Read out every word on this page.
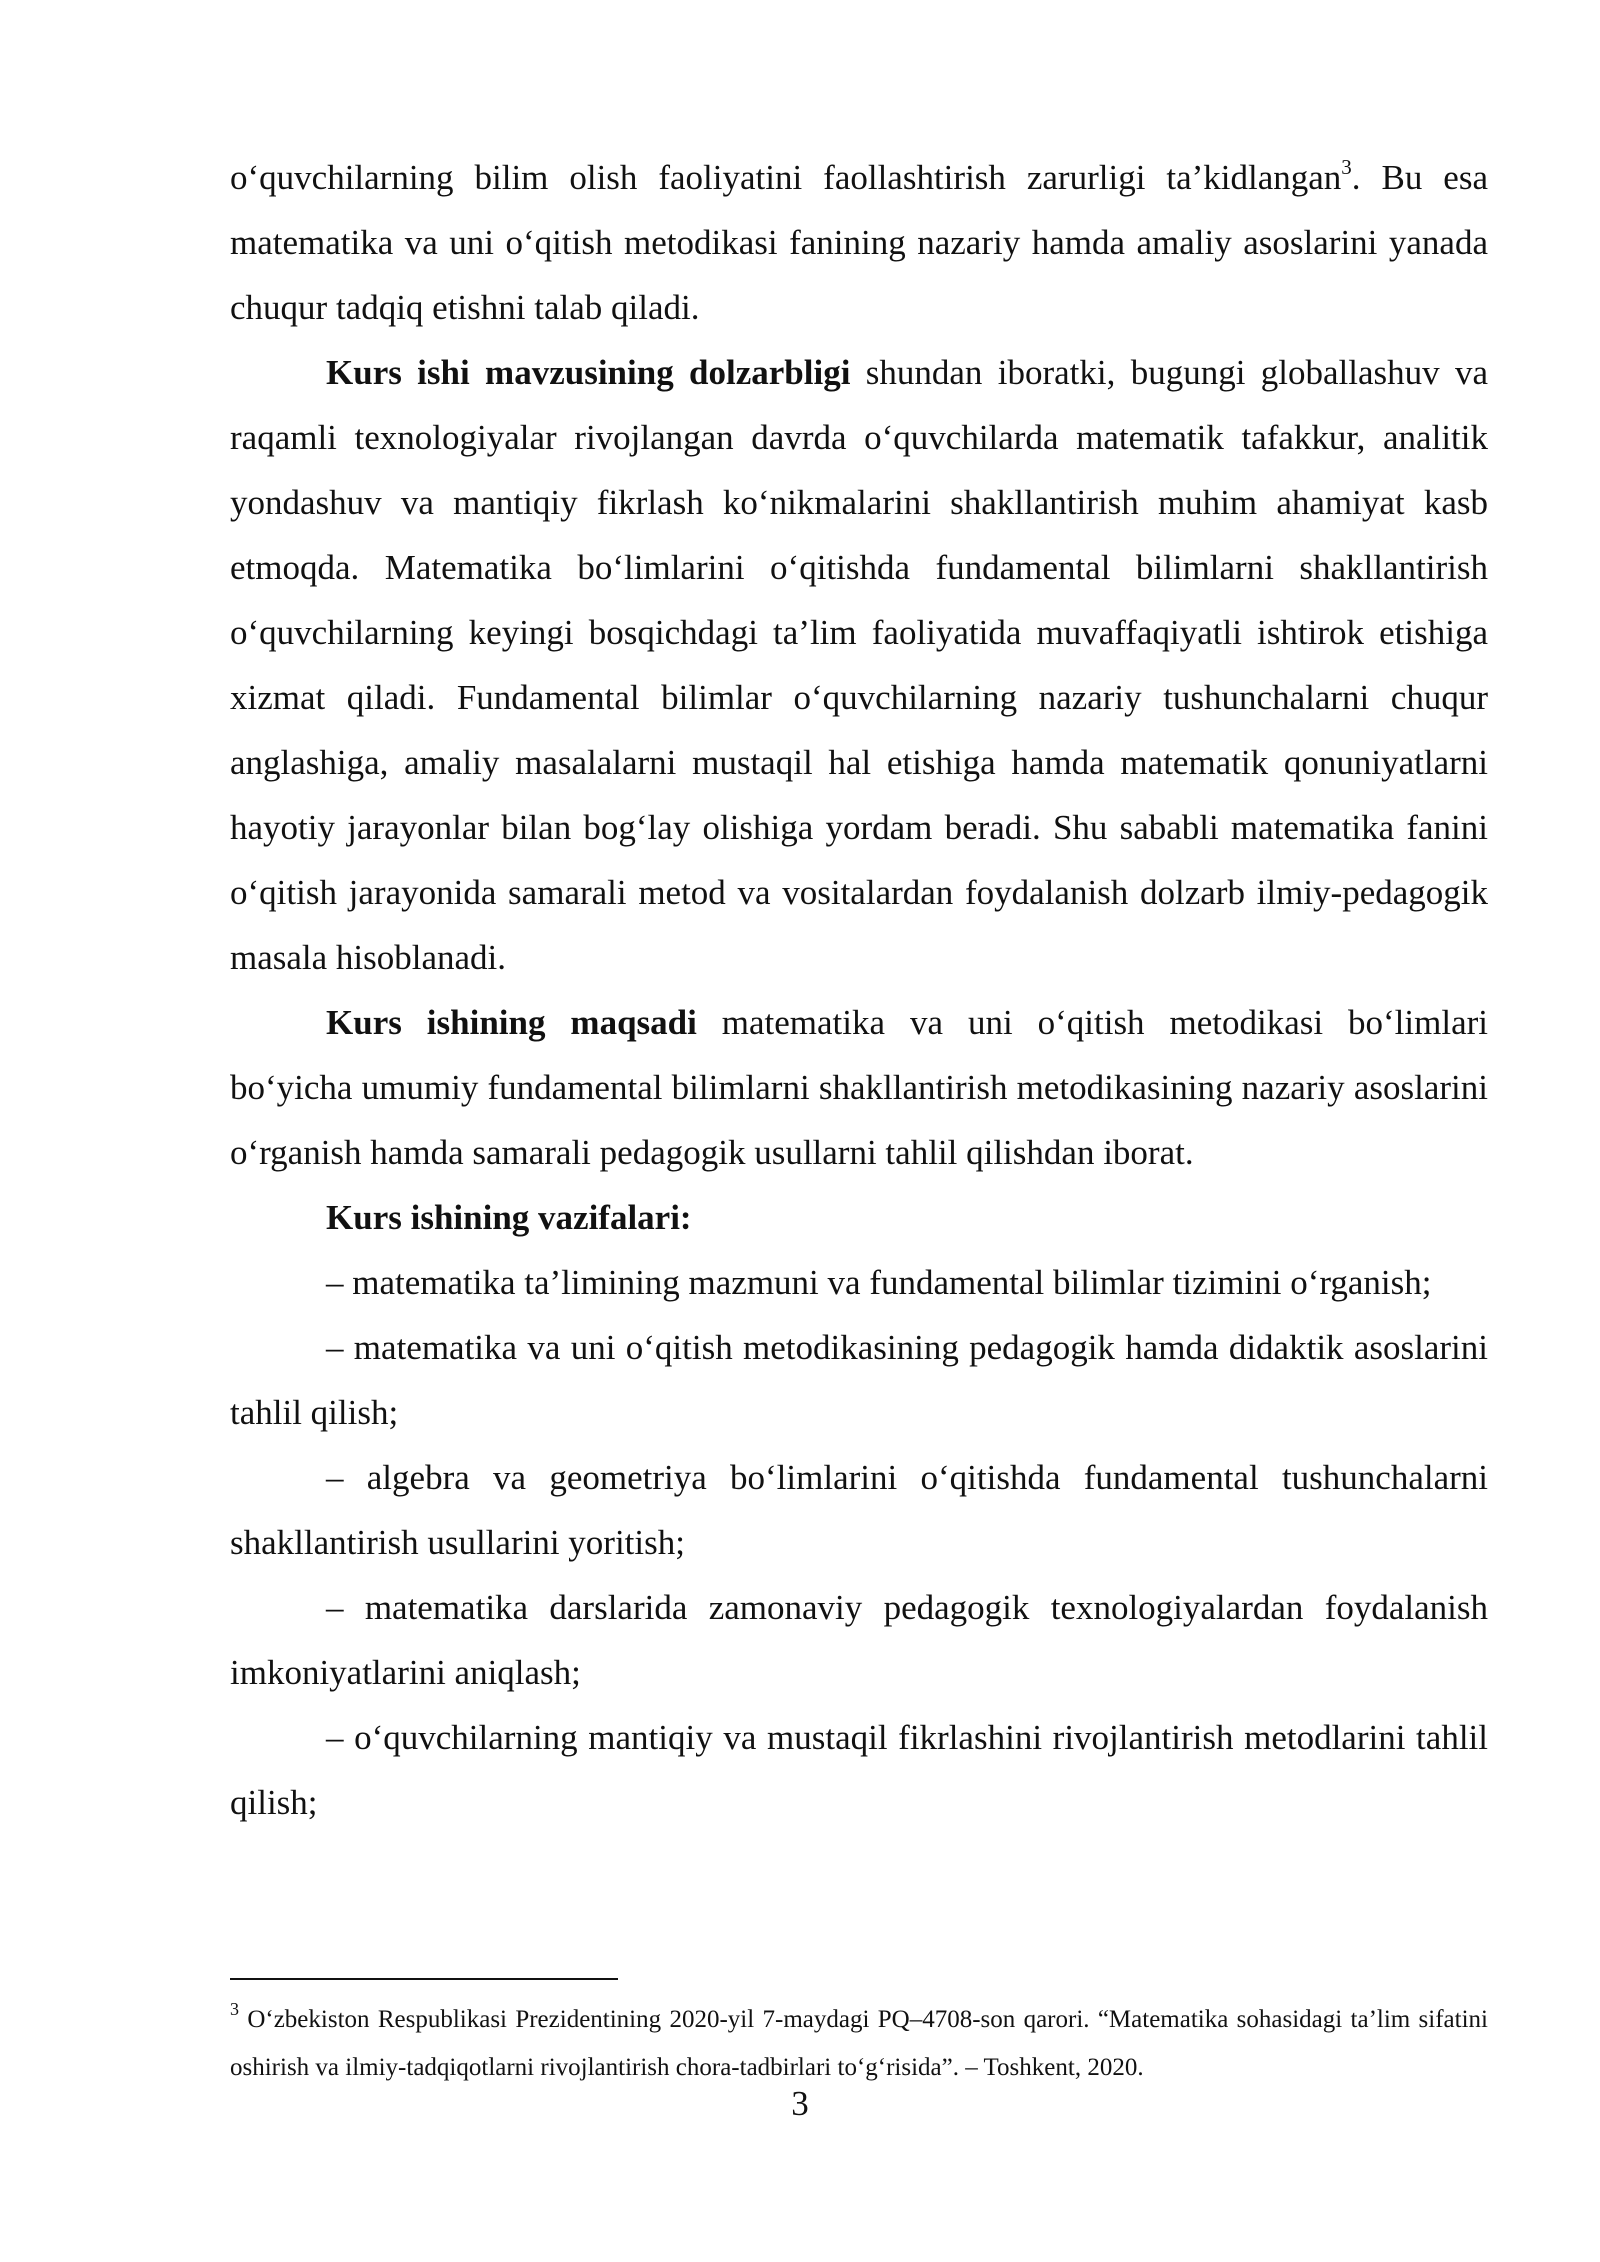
o‘quvchilarning bilim olish faoliyatini faollashtirish zarurligi ta’kidlangan$^3$. Bu esa matematika va uni o‘qitish metodikasi fanining nazariy hamda amaliy asoslarini yanada chuqur tadqiq etishni talab qiladi.

Kurs ishi mavzusining dolzarbligi shundan iboratki, bugungi globallashuv va raqamli texnologiyalar rivojlangan davrda o‘quvchilarda matematik tafakkur, analitik yondashuv va mantiqiy fikrlash ko‘nikmalarini shakllantirish muhim ahamiyat kasb etmoqda. Matematika bo‘limlarini o‘qitishda fundamental bilimlarni shakllantirish o‘quvchilarning keyingi bosqichdagi ta’lim faoliyatida muvaffaqiyatli ishtirok etishiga xizmat qiladi. Fundamental bilimlar o‘quvchilarning nazariy tushunchalarni chuqur anglashiga, amaliy masalalarni mustaqil hal etishiga hamda matematik qonuniyatlarni hayotiy jarayonlar bilan bog‘lay olishiga yordam beradi. Shu sababli matematika fanini o‘qitish jarayonida samarali metod va vositalardan foydalanish dolzarb ilmiy-pedagogik masala hisoblanadi.

Kurs ishining maqsadi matematika va uni o‘qitish metodikasi bo‘limlari bo‘yicha umumiy fundamental bilimlarni shakllantirish metodikasining nazariy asoslarini o‘rganish hamda samarali pedagogik usullarni tahlil qilishdan iborat.

Kurs ishining vazifalari:

– matematika ta’limining mazmuni va fundamental bilimlar tizimini o‘rganish;

– matematika va uni o‘qitish metodikasining pedagogik hamda didaktik asoslarini tahlil qilish;

– algebra va geometriya bo‘limlarini o‘qitishda fundamental tushunchalarni shakllantirish usullarini yoritish;

– matematika darslarida zamonaviy pedagogik texnologiyalardan foydalanish imkoniyatlarini aniqlash;

– o‘quvchilarning mantiqiy va mustaqil fikrlashini rivojlantirish metodlarini tahlil qilish;

$^3$ O‘zbekiston Respublikasi Prezidentining 2020-yil 7-maydagi PQ–4708-son qarori. “Matematika sohasidagi ta’lim sifatini oshirish va ilmiy-tadqiqotlarni rivojlantirish chora-tadbirlari to‘g‘risida”. – Toshkent, 2020.

3
